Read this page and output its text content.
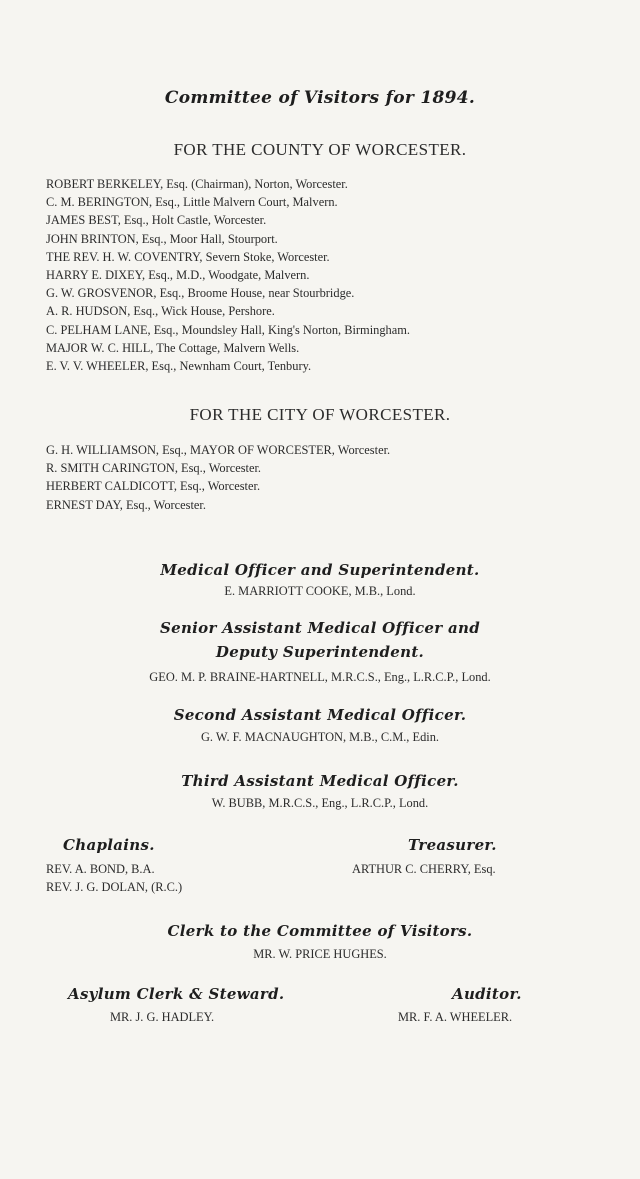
Committee of Visitors for 1894.
FOR THE COUNTY OF WORCESTER.
ROBERT BERKELEY, Esq. (Chairman), Norton, Worcester.
C. M. BERINGTON, Esq., Little Malvern Court, Malvern.
JAMES BEST, Esq., Holt Castle, Worcester.
JOHN BRINTON, Esq., Moor Hall, Stourport.
THE REV. H. W. COVENTRY, Severn Stoke, Worcester.
HARRY E. DIXEY, Esq., M.D., Woodgate, Malvern.
G. W. GROSVENOR, Esq., Broome House, near Stourbridge.
A. R. HUDSON, Esq., Wick House, Pershore.
C. PELHAM LANE, Esq., Moundsley Hall, King's Norton, Birmingham.
MAJOR W. C. HILL, The Cottage, Malvern Wells.
E. V. V. WHEELER, Esq., Newnham Court, Tenbury.
FOR THE CITY OF WORCESTER.
G. H. WILLIAMSON, Esq., MAYOR OF WORCESTER, Worcester.
R. SMITH CARINGTON, Esq., Worcester.
HERBERT CALDICOTT, Esq., Worcester.
ERNEST DAY, Esq., Worcester.
Medical Officer and Superintendent.
E. MARRIOTT COOKE, M.B., Lond.
Senior Assistant Medical Officer and
Deputy Superintendent.
GEO. M. P. BRAINE-HARTNELL, M.R.C.S., Eng., L.R.C.P., Lond.
Second Assistant Medical Officer.
G. W. F. MACNAUGHTON, M.B., C.M., Edin.
Third Assistant Medical Officer.
W. BUBB, M.R.C.S., Eng., L.R.C.P., Lond.
Chaplains.
REV. A. BOND, B.A.
REV. J. G. DOLAN, (R.C.)
Treasurer.
ARTHUR C. CHERRY, Esq.
Clerk to the Committee of Visitors.
MR. W. PRICE HUGHES.
Asylum Clerk & Steward.
MR. J. G. HADLEY.
Auditor.
MR. F. A. WHEELER.
